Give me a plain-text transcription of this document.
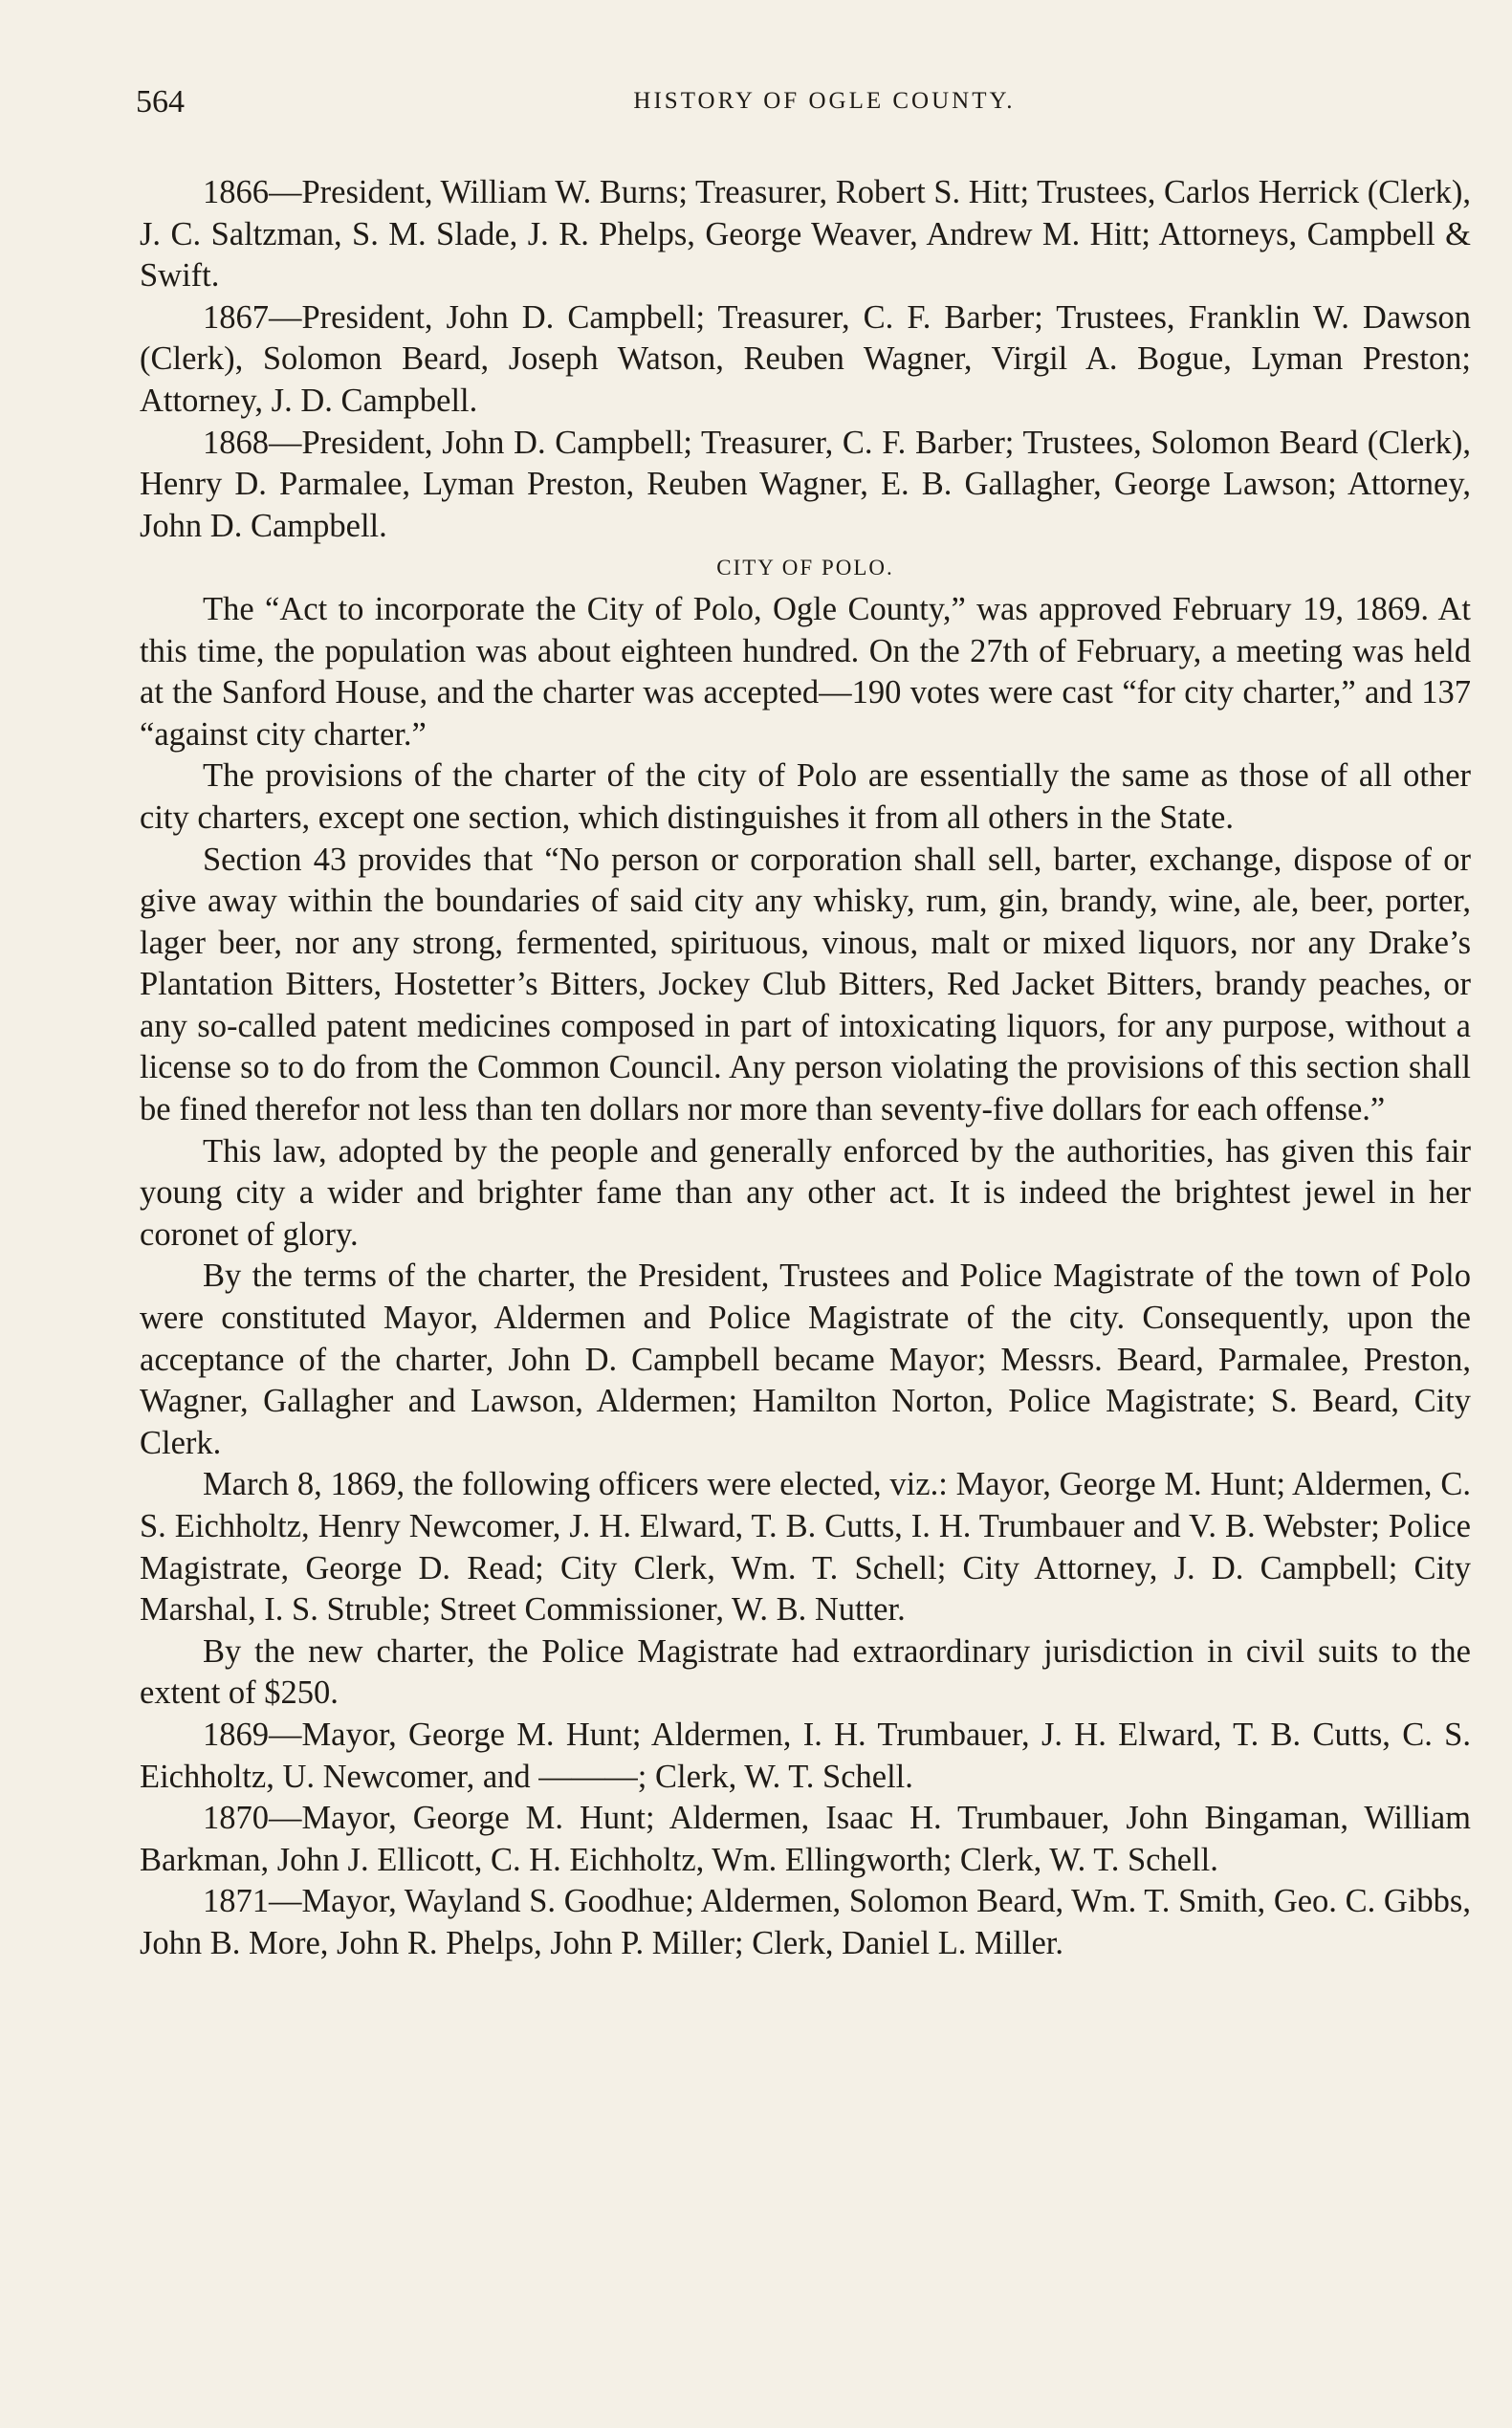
564	HISTORY OF OGLE COUNTY.

1866—President, William W. Burns; Treasurer, Robert S. Hitt; Trustees, Carlos Herrick (Clerk), J. C. Saltzman, S. M. Slade, J. R. Phelps, George Weaver, Andrew M. Hitt; Attorneys, Campbell & Swift.

1867—President, John D. Campbell; Treasurer, C. F. Barber; Trustees, Franklin W. Dawson (Clerk), Solomon Beard, Joseph Watson, Reuben Wagner, Virgil A. Bogue, Lyman Preston; Attorney, J. D. Campbell.

1868—President, John D. Campbell; Treasurer, C. F. Barber; Trustees, Solomon Beard (Clerk), Henry D. Parmalee, Lyman Preston, Reuben Wagner, E. B. Gallagher, George Lawson; Attorney, John D. Campbell.

CITY OF POLO.

The “Act to incorporate the City of Polo, Ogle County,” was approved February 19, 1869. At this time, the population was about eighteen hundred. On the 27th of February, a meeting was held at the Sanford House, and the charter was accepted—190 votes were cast “for city charter,” and 137 “against city charter.”

The provisions of the charter of the city of Polo are essentially the same as those of all other city charters, except one section, which distinguishes it from all others in the State.

Section 43 provides that “No person or corporation shall sell, barter, exchange, dispose of or give away within the boundaries of said city any whisky, rum, gin, brandy, wine, ale, beer, porter, lager beer, nor any strong, fermented, spirituous, vinous, malt or mixed liquors, nor any Drake’s Plantation Bitters, Hostetter’s Bitters, Jockey Club Bitters, Red Jacket Bitters, brandy peaches, or any so-called patent medicines composed in part of intoxicating liquors, for any purpose, without a license so to do from the Common Council. Any person violating the provisions of this section shall be fined therefor not less than ten dollars nor more than seventy-five dollars for each offense.”

This law, adopted by the people and generally enforced by the authorities, has given this fair young city a wider and brighter fame than any other act. It is indeed the brightest jewel in her coronet of glory.

By the terms of the charter, the President, Trustees and Police Magistrate of the town of Polo were constituted Mayor, Aldermen and Police Magistrate of the city. Consequently, upon the acceptance of the charter, John D. Campbell became Mayor; Messrs. Beard, Parmalee, Preston, Wagner, Gallagher and Lawson, Aldermen; Hamilton Norton, Police Magistrate; S. Beard, City Clerk.

March 8, 1869, the following officers were elected, viz.: Mayor, George M. Hunt; Aldermen, C. S. Eichholtz, Henry Newcomer, J. H. Elward, T. B. Cutts, I. H. Trumbauer and V. B. Webster; Police Magistrate, George D. Read; City Clerk, Wm. T. Schell; City Attorney, J. D. Campbell; City Marshal, I. S. Struble; Street Commissioner, W. B. Nutter.

By the new charter, the Police Magistrate had extraordinary jurisdiction in civil suits to the extent of $250.

1869—Mayor, George M. Hunt; Aldermen, I. H. Trumbauer, J. H. Elward, T. B. Cutts, C. S. Eichholtz, U. Newcomer, and ———; Clerk, W. T. Schell.

1870—Mayor, George M. Hunt; Aldermen, Isaac H. Trumbauer, John Bingaman, William Barkman, John J. Ellicott, C. H. Eichholtz, Wm. Ellingworth; Clerk, W. T. Schell.

1871—Mayor, Wayland S. Goodhue; Aldermen, Solomon Beard, Wm. T. Smith, Geo. C. Gibbs, John B. More, John R. Phelps, John P. Miller; Clerk, Daniel L. Miller.
